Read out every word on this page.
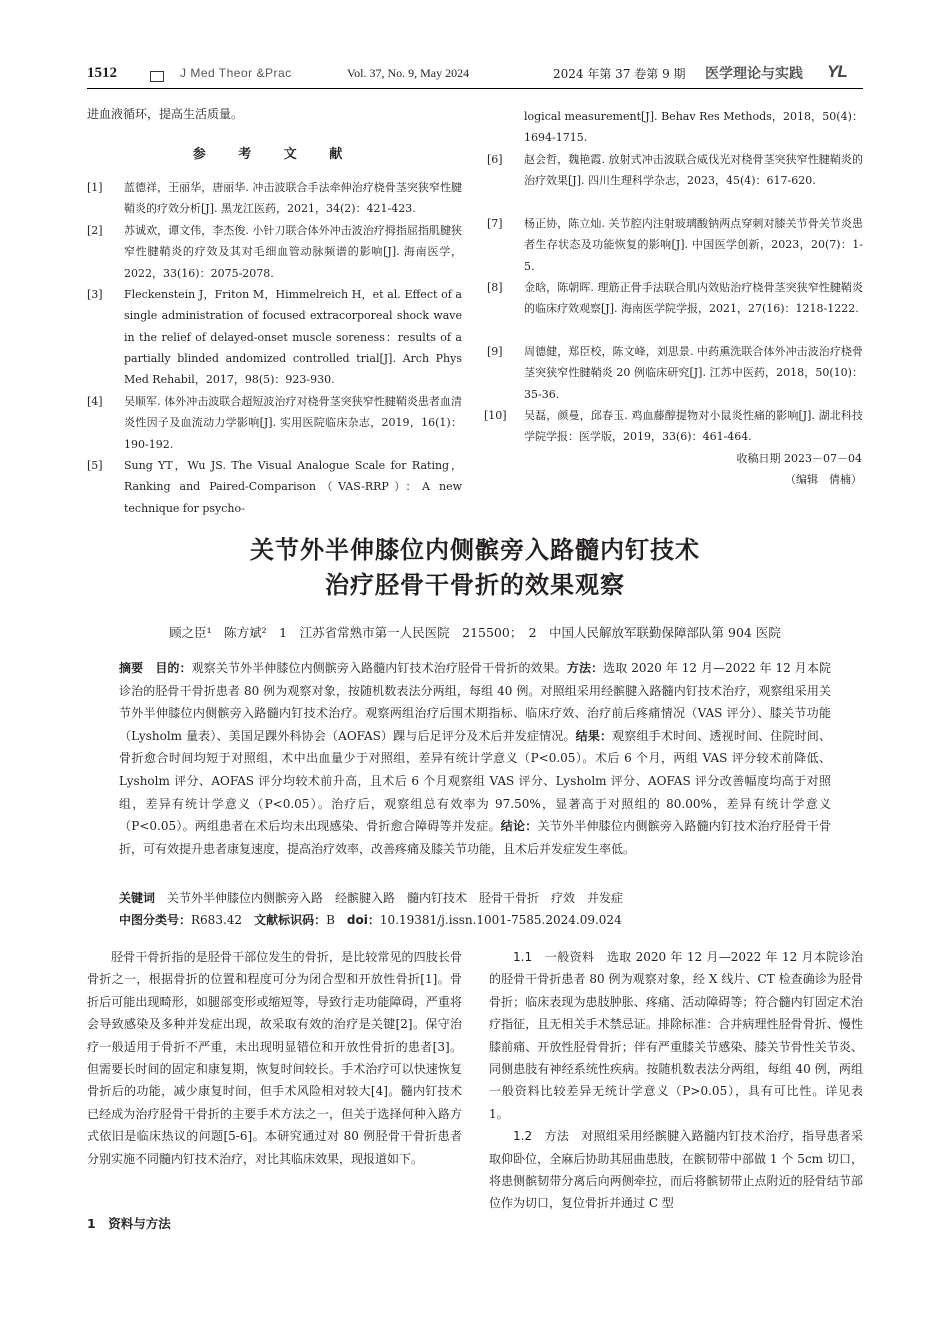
1512	J Med Theor &Prac	Vol. 37, No. 9, May 2024	2024 年第 37 卷第 9 期 医学理论与实践 YL
进血液循环，提高生活质量。
参 考 文 献
[1] 蓝德祥，王丽华，唐丽华. 冲击波联合手法牵伸治疗桡骨茎突狭窄性腱鞘炎的疗效分析[J]. 黑龙江医药，2021，34(2)：421-423.
[2] 苏诚欢，谭文伟，李杰俊. 小针刀联合体外冲击波治疗拇指屈指肌腱狭窄性腱鞘炎的疗效及其对毛细血管动脉频谱的影响[J]. 海南医学，2022，33(16)：2075-2078.
[3] Fleckenstein J，Friton M，Himmelreich H，et al. Effect of a single administration of focused extracorporeal shock wave in the relief of delayed-onset muscle soreness：results of a partially blinded andomized controlled trial[J]. Arch Phys Med Rehabil，2017，98(5)：923-930.
[4] 吴顺军. 体外冲击波联合超短波治疗对桡骨茎突狭窄性腱鞘炎患者血清炎性因子及血流动力学影响[J]. 实用医院临床杂志，2019，16(1)：190-192.
[5] Sung YT，Wu JS. The Visual Analogue Scale for Rating，Ranking and Paired-Comparison（VAS-RRP）：A new technique for psycho-
logical measurement[J]. Behav Res Methods，2018，50(4)：1694-1715.
[6] 赵会哲，魏艳霞. 放射式冲击波联合威伐光对桡骨茎突狭窄性腱鞘炎的治疗效果[J]. 四川生理科学杂志，2023，45(4)：617-620.
[7] 杨正协，陈立灿. 关节腔内注射玻璃酸钠两点穿刺对膝关节骨关节炎患者生存状态及功能恢复的影响[J]. 中国医学创新，2023，20(7)：1-5.
[8] 金晗，陈朝晖. 理筋正骨手法联合肌内效贴治疗桡骨茎突狭窄性腱鞘炎的临床疗效观察[J]. 海南医学院学报，2021，27(16)：1218-1222.
[9] 周德健，郑臣校，陈文峰，刘思景. 中药熏洗联合体外冲击波治疗桡骨茎突狭窄性腱鞘炎 20 例临床研究[J]. 江苏中医药，2018，50(10)：35-36.
[10] 吴磊，颜曼，邱春玉. 鸡血藤醇提物对小鼠炎性痛的影响[J]. 湖北科技学院学报：医学版，2019，33(6)：461-464.
收稿日期 2023－07－04
（编辑　倩楠）
关节外半伸膝位内侧髌旁入路髓内钉技术
治疗胫骨干骨折的效果观察
顾之臣¹　陈方斌²　1　江苏省常熟市第一人民医院　215500；　2　中国人民解放军联勤保障部队第 904 医院
摘要　 目的：观察关节外半伸膝位内侧髌旁入路髓内钉技术治疗胫骨干骨折的效果。方法：选取 2020 年 12 月—2022 年 12 月本院诊治的胫骨干骨折患者 80 例为观察对象，按随机数表法分两组，每组 40 例。对照组采用经髌腱入路髓内钉技术治疗，观察组采用关节外半伸膝位内侧髌旁入路髓内钉技术治疗。观察两组治疗后围术期指标、临床疗效、治疗前后疼痛情况（VAS 评分）、膝关节功能（Lysholm 量表）、美国足踝外科协会（AOFAS）踝与后足评分及术后并发症情况。结果：观察组手术时间、透视时间、住院时间、骨折愈合时间均短于对照组，术中出血量少于对照组，差异有统计学意义（P<0.05）。术后 6 个月，两组 VAS 评分较术前降低、Lysholm 评分、AOFAS 评分均较术前升高，且术后 6 个月观察组 VAS 评分、Lysholm 评分、AOFAS 评分改善幅度均高于对照组，差异有统计学意义（P<0.05）。治疗后，观察组总有效率为 97.50%，显著高于对照组的 80.00%，差异有统计学意义（P<0.05）。两组患者在术后均未出现感染、骨折愈合障碍等并发症。结论：关节外半伸膝位内侧髌旁入路髓内钉技术治疗胫骨干骨折，可有效提升患者康复速度，提高治疗效率，改善疼痛及膝关节功能，且术后并发症发生率低。
关键词　 关节外半伸膝位内侧髌旁入路　经髌腱入路　髓内钉技术　胫骨干骨折　疗效　并发症
中图分类号：R683.42　 文献标识码：B　 doi：10.19381/j.issn.1001-7585.2024.09.024
胫骨干骨折指的是胫骨干部位发生的骨折，是比较常见的四肢长骨骨折之一，根据骨折的位置和程度可分为闭合型和开放性骨折[1]。骨折后可能出现畸形，如腿部变形或缩短等，导致行走功能障碍，严重将会导致感染及多种并发症出现，故采取有效的治疗是关键[2]。保守治疗一般适用于骨折不严重，未出现明显错位和开放性骨折的患者[3]。但需要长时间的固定和康复期，恢复时间较长。手术治疗可以快速恢复骨折后的功能，减少康复时间，但手术风险相对较大[4]。髓内钉技术已经成为治疗胫骨干骨折的主要手术方法之一，但关于选择何种入路方式依旧是临床热议的问题[5-6]。本研究通过对 80 例胫骨干骨折患者分别实施不同髓内钉技术治疗，对比其临床效果，现报道如下。
1　资料与方法
1.1　一般资料　 选取 2020 年 12 月—2022 年 12 月本院诊治的胫骨干骨折患者 80 例为观察对象，经 X 线片、CT 检查确诊为胫骨骨折；临床表现为患肢肿胀、疼痛、活动障碍等；符合髓内钉固定术治疗指征，且无相关手术禁忌证。排除标准：合并病理性胫骨骨折、慢性膝前痛、开放性胫骨骨折；伴有严重膝关节感染、膝关节骨性关节炎、同侧患肢有神经系统性疾病。按随机数表法分两组，每组 40 例，两组一般资料比较差异无统计学意义（P>0.05），具有可比性。详见表 1。
1.2　方法　 对照组采用经髌腱入路髓内钉技术治疗，指导患者采取仰卧位，全麻后协助其屈曲患肢，在髌韧带中部做 1 个 5cm 切口，将患侧髌韧带分离后向两侧牵拉，而后将髌韧带止点附近的胫骨结节部位作为切口，复位骨折并通过 C 型
